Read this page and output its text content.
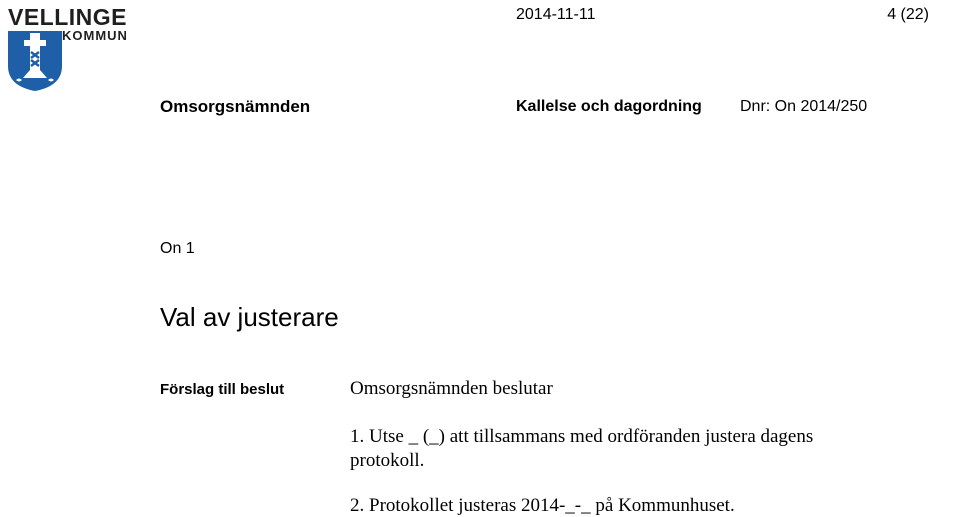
VELLINGE
KOMMUN
2014-11-11	4 (22)
Omsorgsnämnden	Kallelse och dagordning Dnr: On 2014/250
On 1
Val av justerare
Förslag till beslut	Omsorgsnämnden beslutar
1. Utse _ (_) att tillsammans med ordföranden justera dagens
protokoll.
2. Protokollet justeras 2014-_-_ på Kommunhuset.
